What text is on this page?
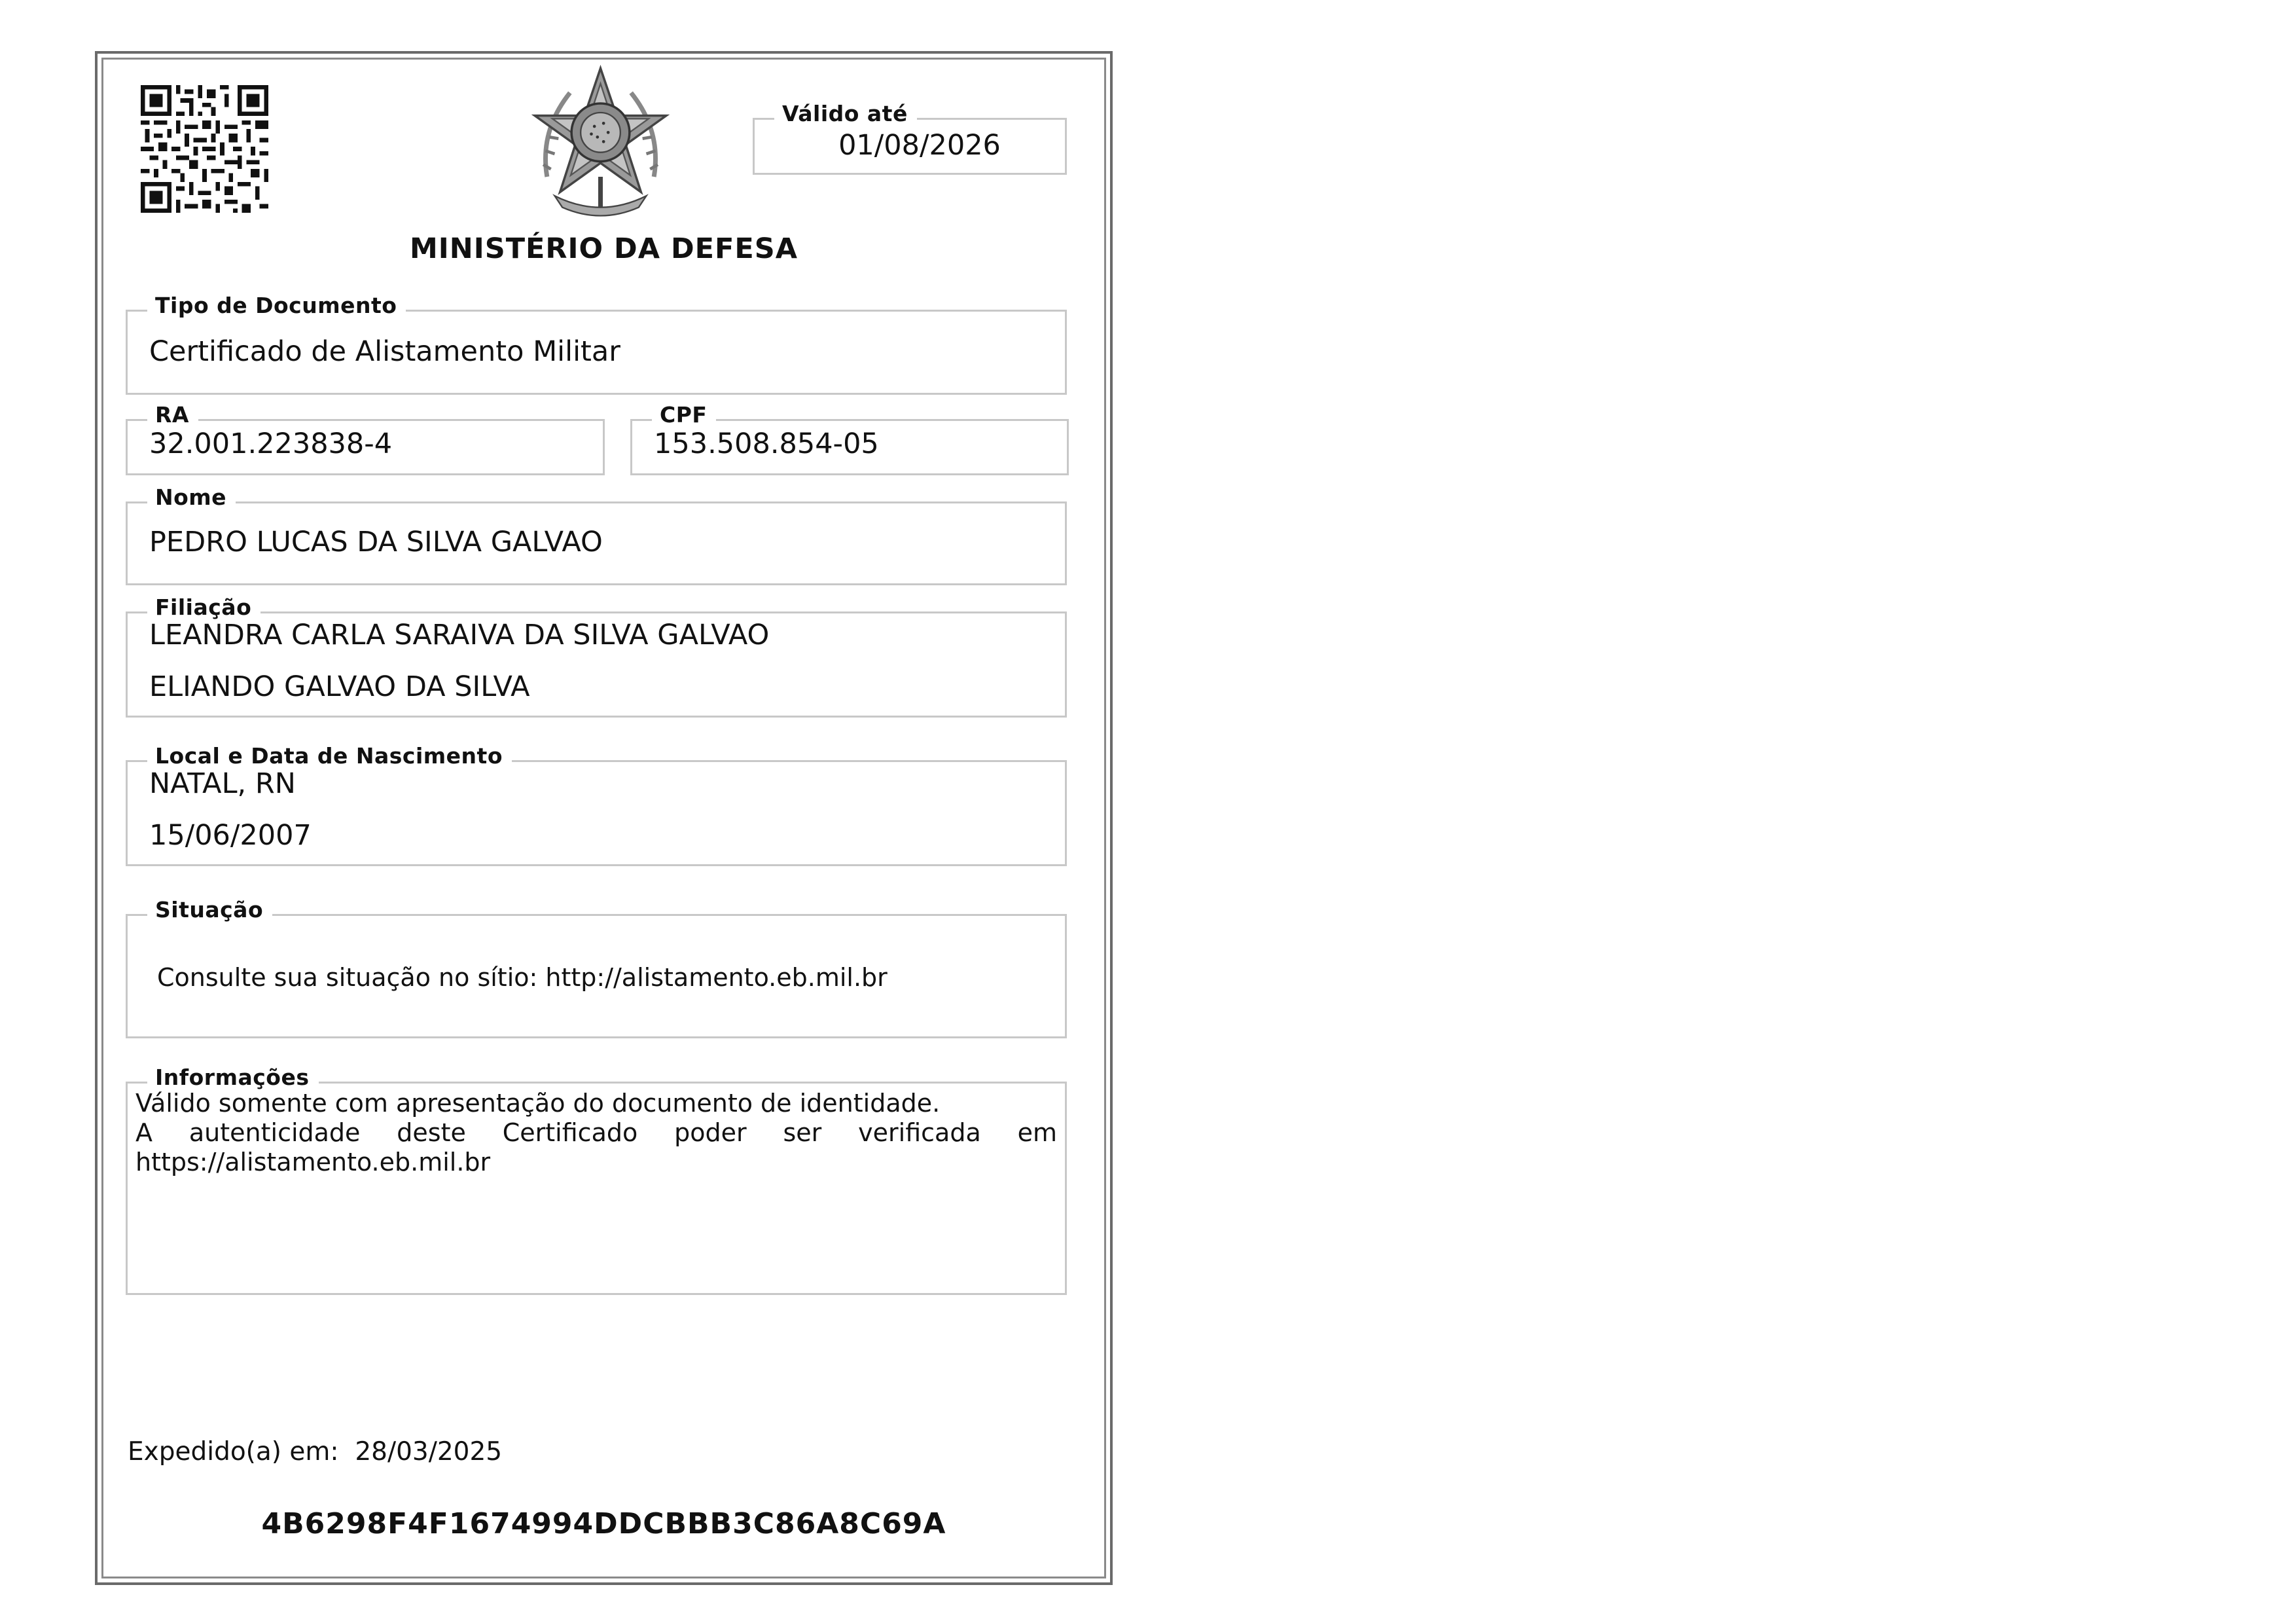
Válido até
01/08/2026
MINISTÉRIO DA DEFESA
Tipo de Documento
Certificado de Alistamento Militar
RA
32.001.223838-4
CPF
153.508.854-05
Nome
PEDRO LUCAS DA SILVA GALVAO
Filiação
LEANDRA CARLA SARAIVA DA SILVA GALVAO
ELIANDO GALVAO DA SILVA
Local e Data de Nascimento
NATAL, RN
15/06/2007
Situação
Consulte sua situação no sítio: http://alistamento.eb.mil.br
Informações
Válido somente com apresentação do documento de identidade.
A autenticidade deste Certificado poder ser verificada em https://alistamento.eb.mil.br
Expedido(a) em: 28/03/2025
4B6298F4F1674994DDCBBB3C86A8C69A
